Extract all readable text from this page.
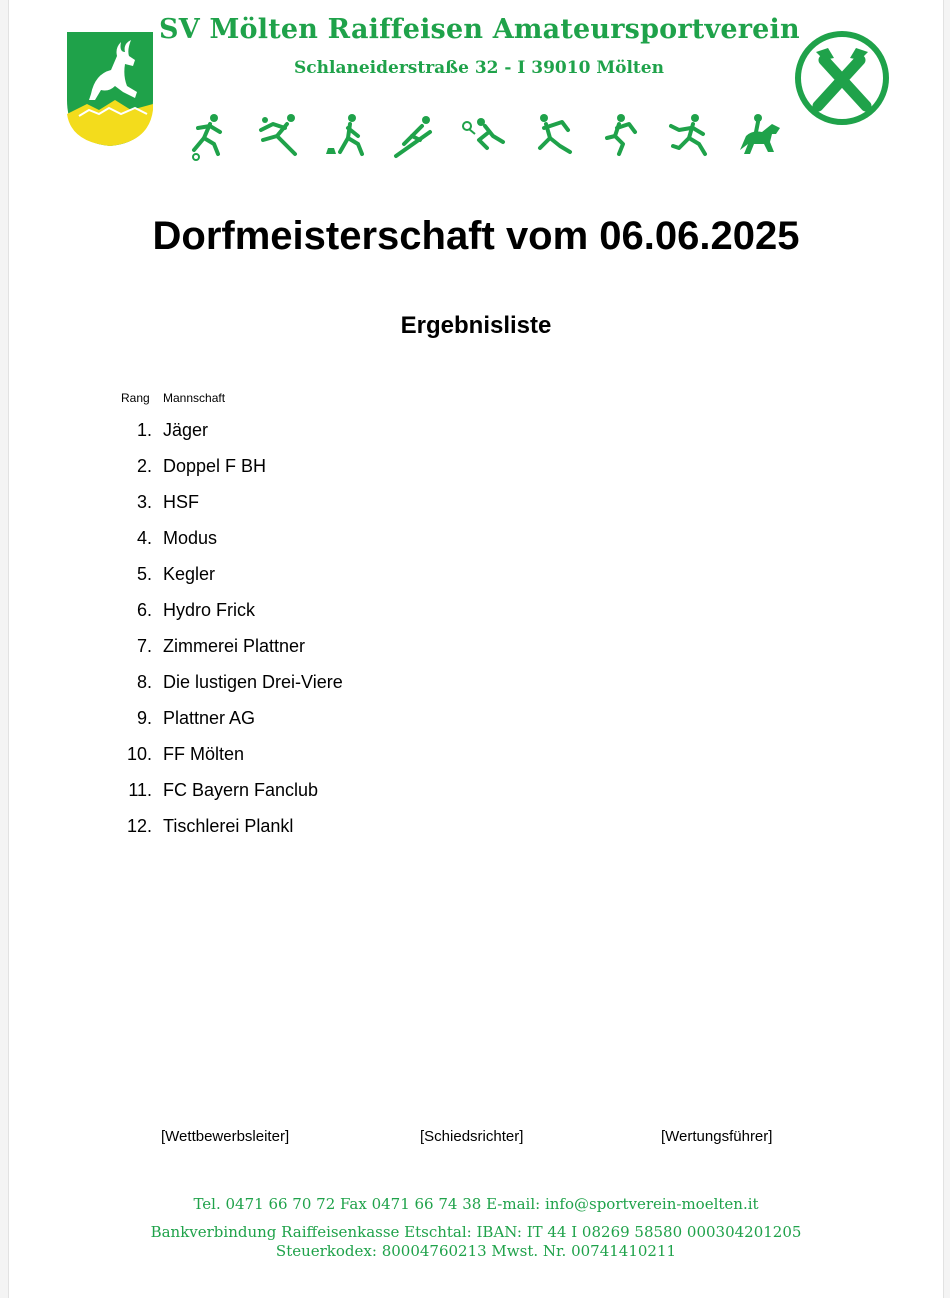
SV Mölten Raiffeisen Amateursportverein
Schlaneiderstraße 32 - I 39010 Mölten
Dorfmeisterschaft vom 06.06.2025
Ergebnisliste
Rang Mannschaft
1. Jäger
2. Doppel F BH
3. HSF
4. Modus
5. Kegler
6. Hydro Frick
7. Zimmerei Plattner
8. Die lustigen Drei-Viere
9. Plattner AG
10. FF Mölten
11. FC Bayern Fanclub
12. Tischlerei Plankl
[Wettbewerbsleiter]	[Schiedsrichter]	[Wertungsführer]
Tel. 0471 66 70 72 Fax 0471 66 74 38 E-mail: info@sportverein-moelten.it
Bankverbindung Raiffeisenkasse Etschtal: IBAN: IT 44 I 08269 58580 000304201205
Steuerkodex: 80004760213 Mwst. Nr. 00741410211
